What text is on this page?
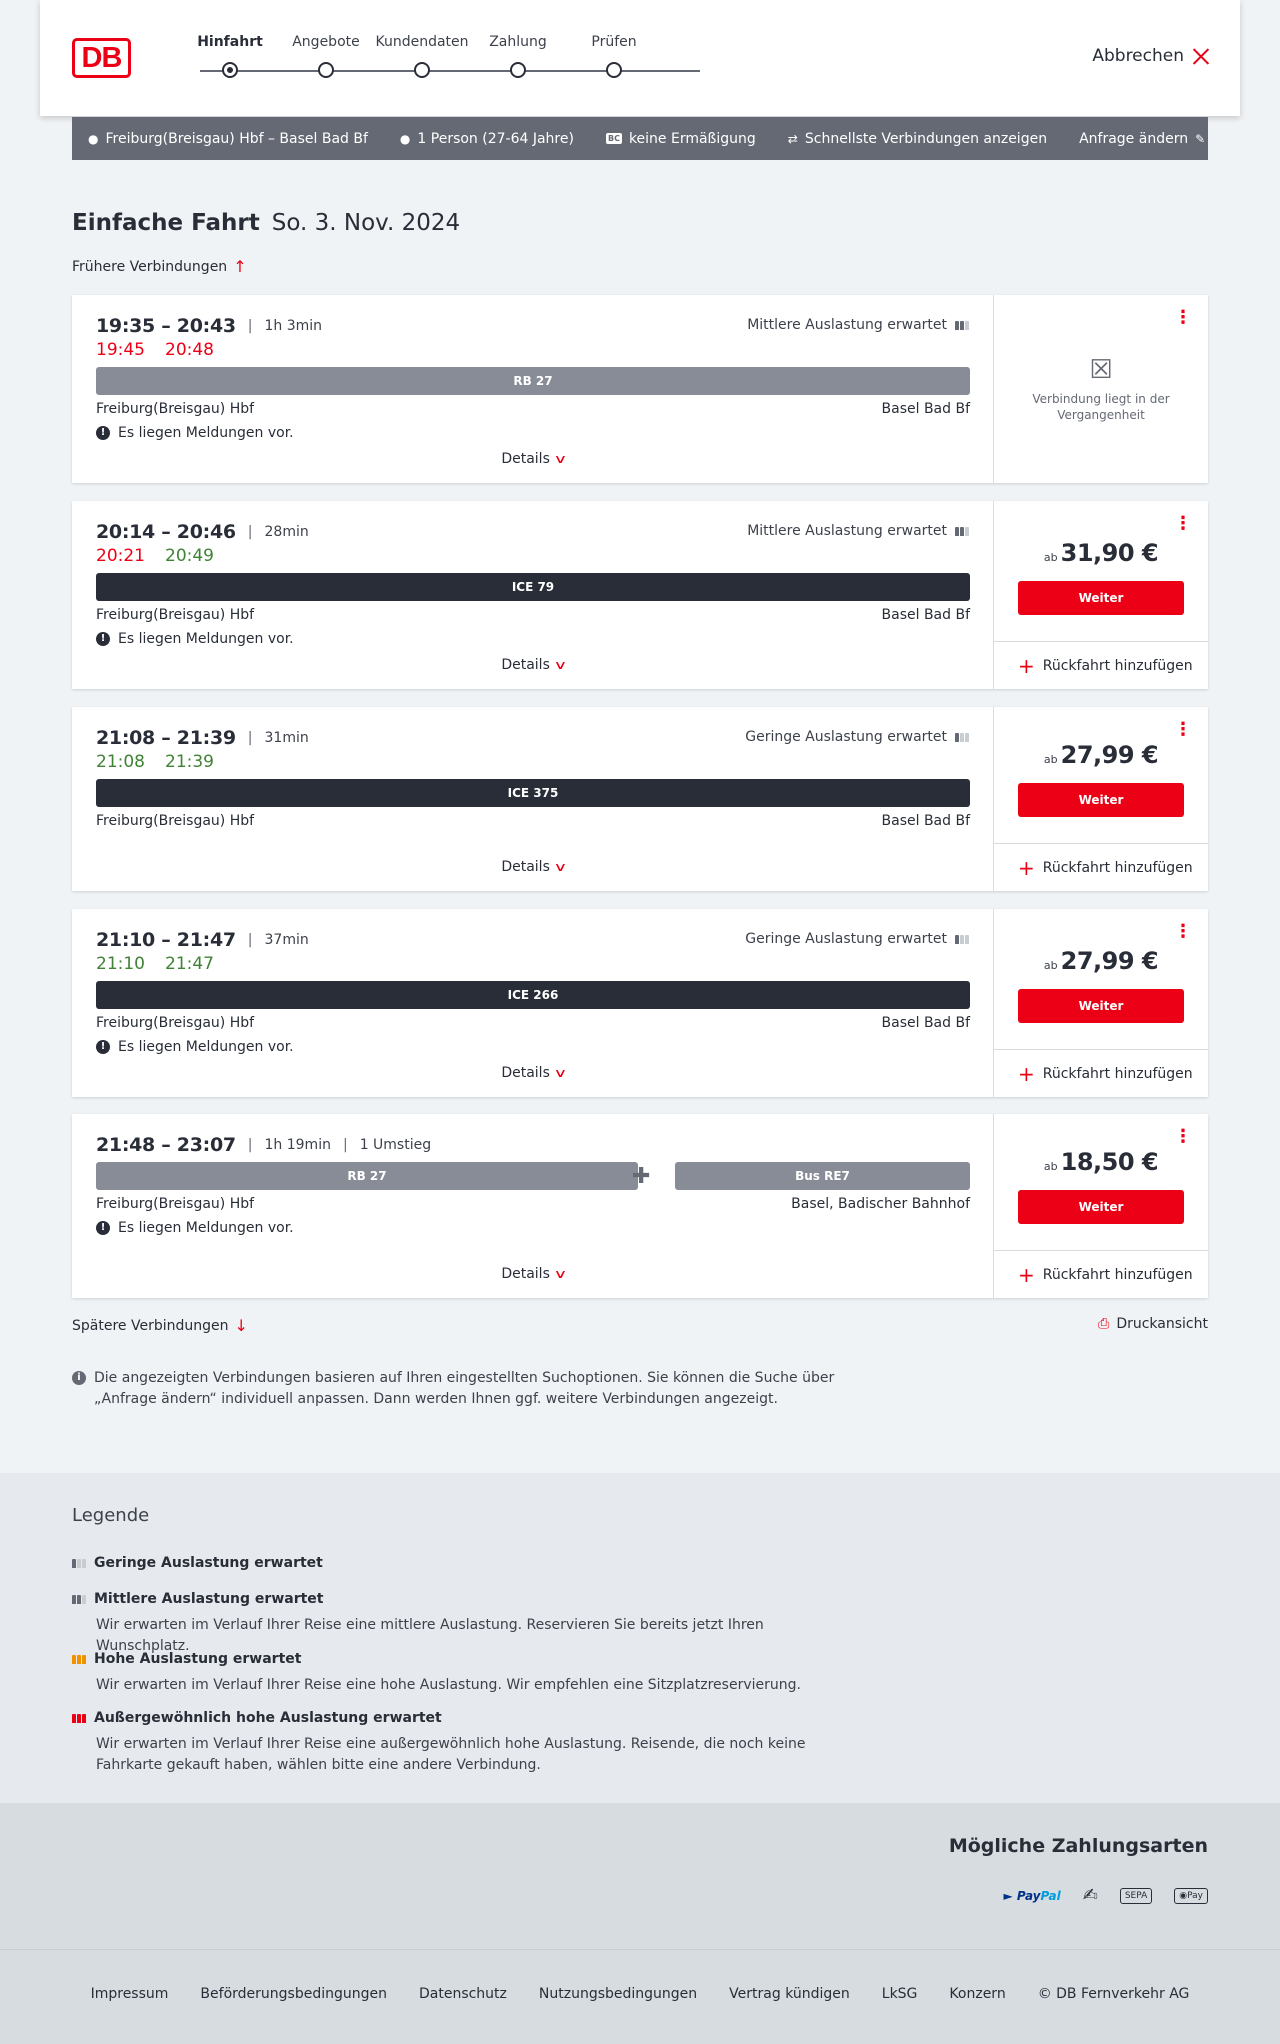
DB	Hinfahrt	Angebote	Kundendaten	Zahlung	Prüfen
Abbrechen
● Freiburg(Breisgau) Hbf – Basel Bad Bf	● 1 Person (27-64 Jahre)	BC keine Ermäßigung	⇄ Schnellste Verbindungen anzeigen Anfrage ändern ✎
Einfache Fahrt So. 3. Nov. 2024
Frühere Verbindungen ↑
19:35 – 20:43 | 1h 3min
19:45 20:48
Mittlere Auslastung erwartet
RB 27
Freiburg(Breisgau) Hbf	Basel Bad Bf
! Es liegen Meldungen vor.
Details ∨
⋮
☒
Verbindung liegt in der Vergangenheit
20:14 – 20:46 | 28min
20:21 20:49
Mittlere Auslastung erwartet
ICE 79
Freiburg(Breisgau) Hbf	Basel Bad Bf
! Es liegen Meldungen vor.
Details ∨
⋮
ab 31,90 €
Weiter
+ Rückfahrt hinzufügen
21:08 – 21:39 | 31min
21:08 21:39
Geringe Auslastung erwartet
ICE 375
Freiburg(Breisgau) Hbf	Basel Bad Bf
Details ∨
⋮
ab 27,99 €
Weiter
+ Rückfahrt hinzufügen
21:10 – 21:47 | 37min
21:10 21:47
Geringe Auslastung erwartet
ICE 266
Freiburg(Breisgau) Hbf	Basel Bad Bf
! Es liegen Meldungen vor.
Details ∨
⋮
ab 27,99 €
Weiter
+ Rückfahrt hinzufügen
21:48 – 23:07 | 1h 19min | 1 Umstieg
RB 27	✚	Bus RE7
Freiburg(Breisgau) Hbf	Basel, Badischer Bahnhof
! Es liegen Meldungen vor.
Details ∨
⋮
ab 18,50 €
Weiter
+ Rückfahrt hinzufügen
Spätere Verbindungen ↓	⎙ Druckansicht
i Die angezeigten Verbindungen basieren auf Ihren eingestellten Suchoptionen. Sie können die Suche über „Anfrage ändern“ individuell anpassen. Dann werden Ihnen ggf. weitere Verbindungen angezeigt.
Legende
Geringe Auslastung erwartet
Mittlere Auslastung erwartet
Wir erwarten im Verlauf Ihrer Reise eine mittlere Auslastung. Reservieren Sie bereits jetzt Ihren Wunschplatz.
Hohe Auslastung erwartet
Wir erwarten im Verlauf Ihrer Reise eine hohe Auslastung. Wir empfehlen eine Sitzplatzreservierung.
Außergewöhnlich hohe Auslastung erwartet
Wir erwarten im Verlauf Ihrer Reise eine außergewöhnlich hohe Auslastung. Reisende, die noch keine Fahrkarte gekauft haben, wählen bitte eine andere Verbindung.
Mögliche Zahlungsarten
► PayPal ✍	SEPA	◉Pay
Impressum Beförderungsbedingungen Datenschutz Nutzungsbedingungen Vertrag kündigen LkSG Konzern © DB Fernverkehr AG
